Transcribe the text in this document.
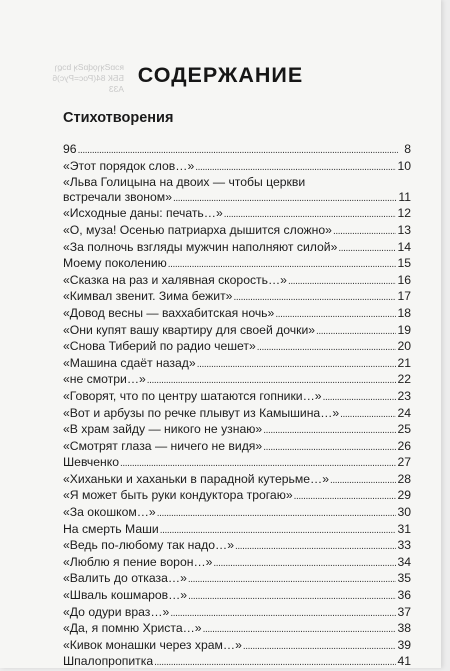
ʀɔɒƧʞɿǫɖɒƧʞ bɔϱɿ
ББК 84(Рос=Рус)6
А33
СОДЕРЖАНИЕ
Стихотворения
96 .....	8
«Этот порядок слов…» .....	10
«Льва Голицына на двоих — чтобы церкви
встречали звоном» .....	11
«Исходные даны: печать…» .....	12
«О, муза! Осенью патриарха дышится сложно» .....	13
«За полночь взгляды мужчин наполняют силой» .....	14
Моему поколению .....	15
«Сказка на раз и халявная скорость…» .....	16
«Кимвал звенит. Зима бежит» .....	17
«Довод весны — ваххабитская ночь» .....	18
«Они купят вашу квартиру для своей дочки» .....	19
«Снова Тиберий по радио чешет» .....	20
«Машина сдаёт назад» .....	21
«не смотри…» .....	22
«Говорят, что по центру шатаются гопники…» .....	23
«Вот и арбузы по речке плывут из Камышина…» .....	24
«В храм зайду — никого не узнаю» .....	25
«Смотрят глаза — ничего не видя» .....	26
Шевченко .....	27
«Хиханьки и хаханьки в парадной кутерьме…» .....	28
«Я может быть руки кондуктора трогаю» .....	29
«За окошком…» .....	30
На смерть Маши .....	31
«Ведь по-любому так надо…» .....	33
«Люблю я пение ворон…» .....	34
«Валить до отказа…» .....	35
«Шваль кошмаров…» .....	36
«До одури враз…» .....	37
«Да, я помню Христа…» .....	38
«Кивок монашки через храм…» .....	39
Шпалопропитка .....	41
